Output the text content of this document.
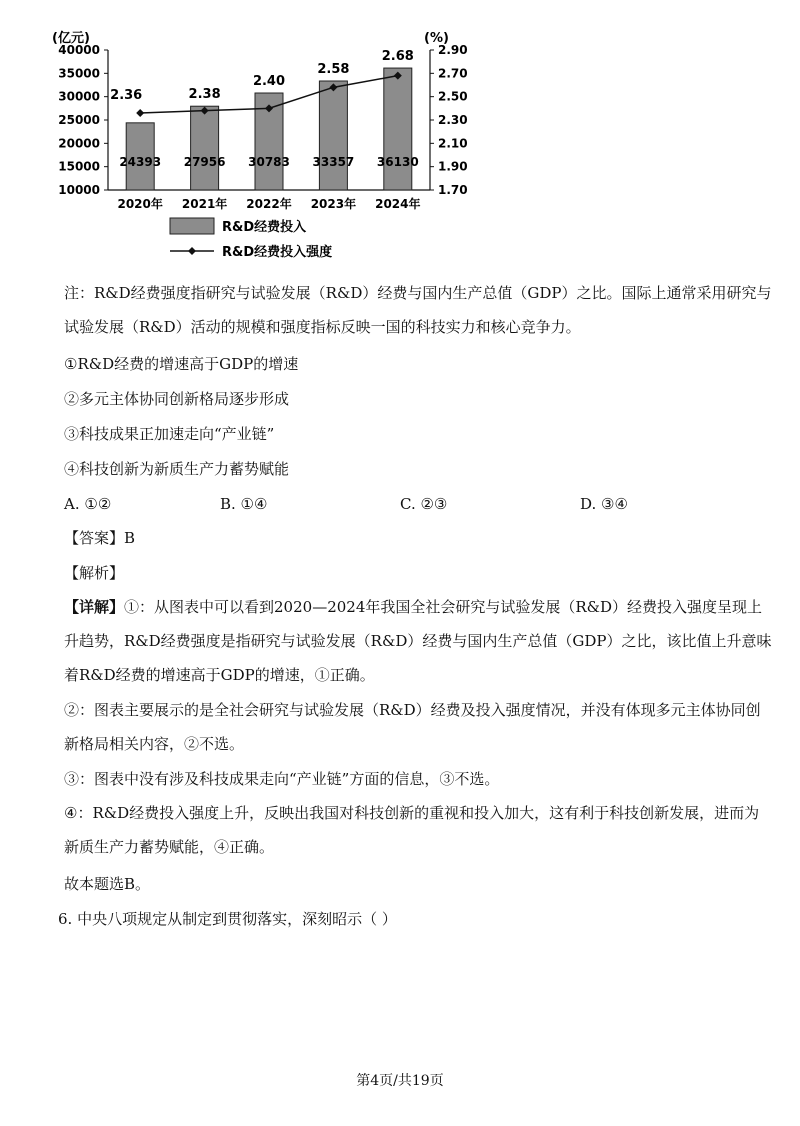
(亿元)	(%)
10000
15000
20000
25000
30000
35000
40000
1.70
1.90
2.10
2.30
2.50
2.70
2.90
24393 27956 30783 33357 36130
2020年 2021年 2022年 2023年 2024年
2.36	2.38
2.40
2.58
2.68
R&D经费投入
R&D经费投入强度

注：R&D经费强度指研究与试验发展（R&D）经费与国内生产总值（GDP）之比。国际上通常采用研究与试验发展（R&D）活动的规模和强度指标反映一国的科技实力和核心竞争力。

①R&D经费的增速高于GDP的增速
②多元主体协同创新格局逐步形成
③科技成果正加速走向“产业链”
④科技创新为新质生产力蓄势赋能
A. ①②	B. ①④	C. ②③	D. ③④
【答案】B
【解析】

【详解】①：从图表中可以看到2020—2024年我国全社会研究与试验发展（R&D）经费投入强度呈现上升趋势，R&D经费强度是指研究与试验发展（R&D）经费与国内生产总值（GDP）之比，该比值上升意味着R&D经费的增速高于GDP的增速，①正确。

②：图表主要展示的是全社会研究与试验发展（R&D）经费及投入强度情况，并没有体现多元主体协同创新格局相关内容，②不选。

③：图表中没有涉及科技成果走向“产业链”方面的信息，③不选。

④：R&D经费投入强度上升，反映出我国对科技创新的重视和投入加大，这有利于科技创新发展，进而为新质生产力蓄势赋能，④正确。

故本题选B。
6. 中央八项规定从制定到贯彻落实，深刻昭示（ ）
第4页/共19页
